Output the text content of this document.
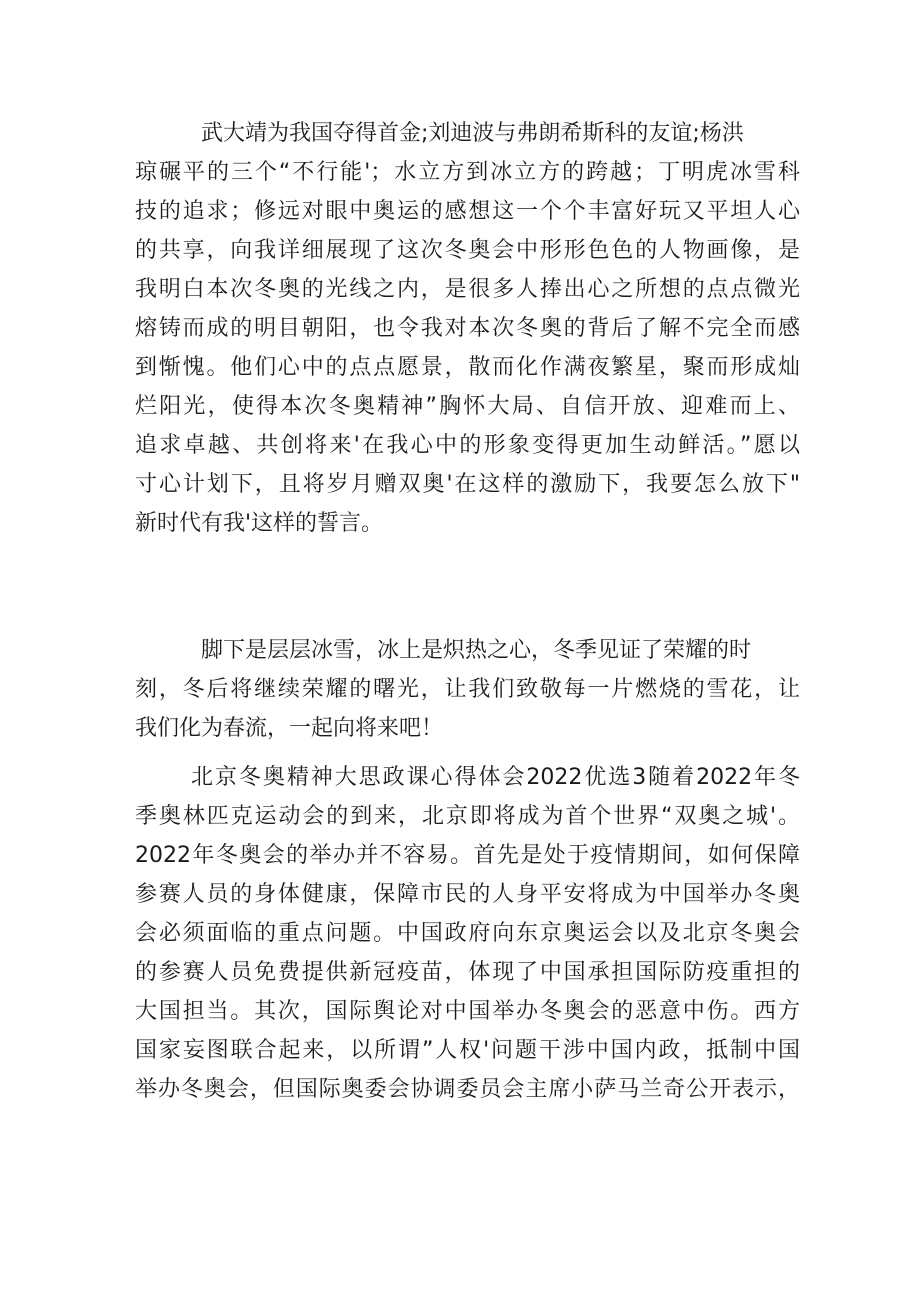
武大靖为我国夺得首金;刘迪波与弗朗希斯科的友谊;杨洪
琼碾平的三个“不行能'；水立方到冰立方的跨越；丁明虎冰雪科
技的追求；修远对眼中奥运的感想这一个个丰富好玩又平坦人心
的共享，向我详细展现了这次冬奥会中形形色色的人物画像，是
我明白本次冬奥的光线之内，是很多人捧出心之所想的点点微光
熔铸而成的明目朝阳，也令我对本次冬奥的背后了解不完全而感
到惭愧。他们心中的点点愿景，散而化作满夜繁星，聚而形成灿
烂阳光，使得本次冬奥精神”胸怀大局、自信开放、迎难而上、
追求卓越、共创将来'在我心中的形象变得更加生动鲜活。”愿以
寸心计划下，且将岁月赠双奥'在这样的激励下，我要怎么放下"
新时代有我'这样的誓言。
脚下是层层冰雪，冰上是炽热之心，冬季见证了荣耀的时
刻，冬后将继续荣耀的曙光，让我们致敬每一片燃烧的雪花，让
我们化为春流，一起向将来吧！
北京冬奥精神大思政课心得体会2022优选3随着2022年冬
季奥林匹克运动会的到来，北京即将成为首个世界“双奥之城'。
2022年冬奥会的举办并不容易。首先是处于疫情期间，如何保障
参赛人员的身体健康，保障市民的人身平安将成为中国举办冬奥
会必须面临的重点问题。中国政府向东京奥运会以及北京冬奥会
的参赛人员免费提供新冠疫苗，体现了中国承担国际防疫重担的
大国担当。其次，国际舆论对中国举办冬奥会的恶意中伤。西方
国家妄图联合起来，以所谓”人权'问题干涉中国内政，抵制中国
举办冬奥会，但国际奥委会协调委员会主席小萨马兰奇公开表示，
